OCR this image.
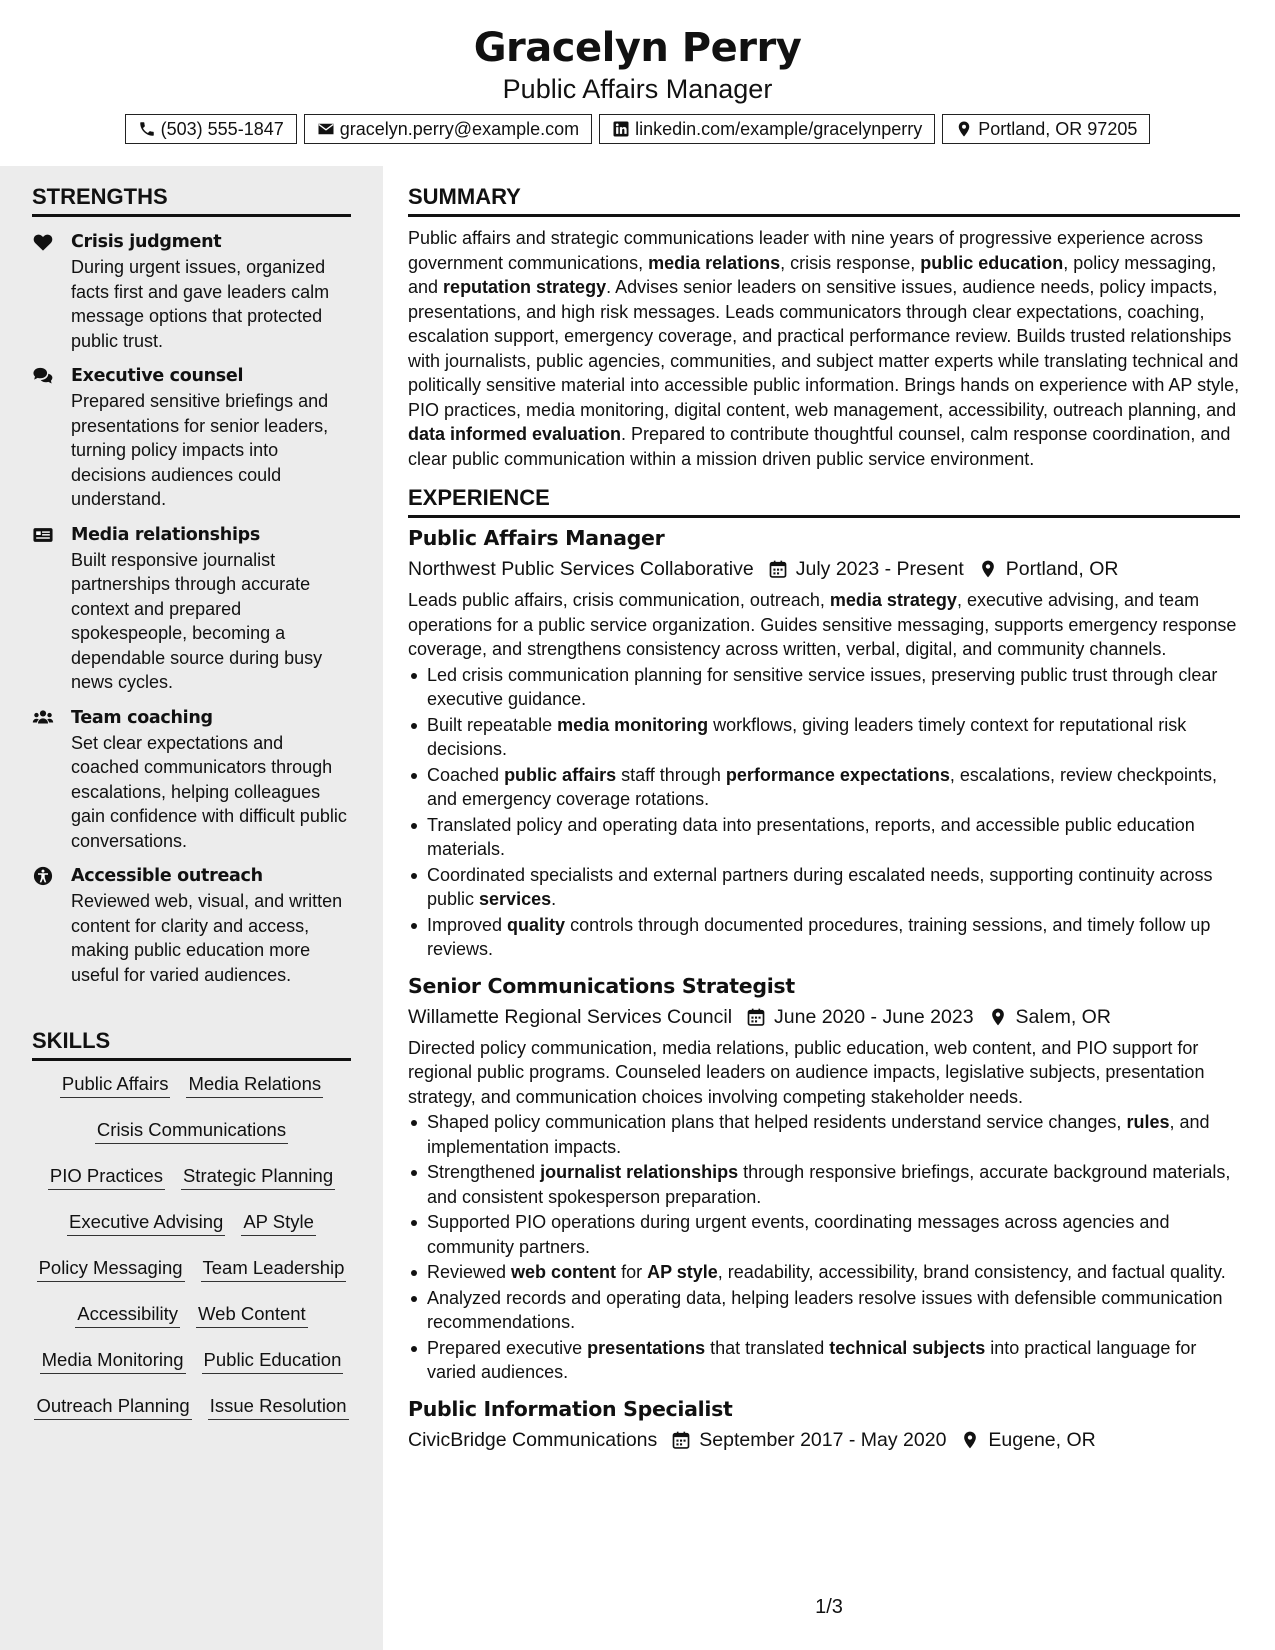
Gracelyn Perry
Public Affairs Manager
(503) 555-1847	gracelyn.perry@example.com	linkedin.com/example/gracelynperry	Portland, OR 97205
STRENGTHS
Crisis judgment
During urgent issues, organized facts first and gave leaders calm message options that protected public trust.
Executive counsel
Prepared sensitive briefings and presentations for senior leaders, turning policy impacts into decisions audiences could understand.
Media relationships
Built responsive journalist partnerships through accurate context and prepared spokespeople, becoming a dependable source during busy news cycles.
Team coaching
Set clear expectations and coached communicators through escalations, helping colleagues gain confidence with difficult public conversations.
Accessible outreach
Reviewed web, visual, and written content for clarity and access, making public education more useful for varied audiences.
SKILLS
Public Affairs Media Relations
Crisis Communications
PIO Practices Strategic Planning
Executive Advising AP Style
Policy Messaging Team Leadership
Accessibility Web Content
Media Monitoring Public Education
Outreach Planning Issue Resolution
SUMMARY
Public affairs and strategic communications leader with nine years of progressive experience across government communications, media relations, crisis response, public education, policy messaging, and reputation strategy. Advises senior leaders on sensitive issues, audience needs, policy impacts, presentations, and high risk messages. Leads communicators through clear expectations, coaching, escalation support, emergency coverage, and practical performance review. Builds trusted relationships with journalists, public agencies, communities, and subject matter experts while translating technical and politically sensitive material into accessible public information. Brings hands on experience with AP style, PIO practices, media monitoring, digital content, web management, accessibility, outreach planning, and data informed evaluation. Prepared to contribute thoughtful counsel, calm response coordination, and clear public communication within a mission driven public service environment.
EXPERIENCE
Public Affairs Manager
Northwest Public Services Collaborative July 2023 - Present Portland, OR
Leads public affairs, crisis communication, outreach, media strategy, executive advising, and team operations for a public service organization. Guides sensitive messaging, supports emergency response coverage, and strengthens consistency across written, verbal, digital, and community channels.
Led crisis communication planning for sensitive service issues, preserving public trust through clear executive guidance.
Built repeatable media monitoring workflows, giving leaders timely context for reputational risk decisions.
Coached public affairs staff through performance expectations, escalations, review checkpoints, and emergency coverage rotations.
Translated policy and operating data into presentations, reports, and accessible public education materials.
Coordinated specialists and external partners during escalated needs, supporting continuity across public services.
Improved quality controls through documented procedures, training sessions, and timely follow up reviews.
Senior Communications Strategist
Willamette Regional Services Council June 2020 - June 2023 Salem, OR
Directed policy communication, media relations, public education, web content, and PIO support for regional public programs. Counseled leaders on audience impacts, legislative subjects, presentation strategy, and communication choices involving competing stakeholder needs.
Shaped policy communication plans that helped residents understand service changes, rules, and implementation impacts.
Strengthened journalist relationships through responsive briefings, accurate background materials, and consistent spokesperson preparation.
Supported PIO operations during urgent events, coordinating messages across agencies and community partners.
Reviewed web content for AP style, readability, accessibility, brand consistency, and factual quality.
Analyzed records and operating data, helping leaders resolve issues with defensible communication recommendations.
Prepared executive presentations that translated technical subjects into practical language for varied audiences.
Public Information Specialist
CivicBridge Communications September 2017 - May 2020 Eugene, OR
1/3
